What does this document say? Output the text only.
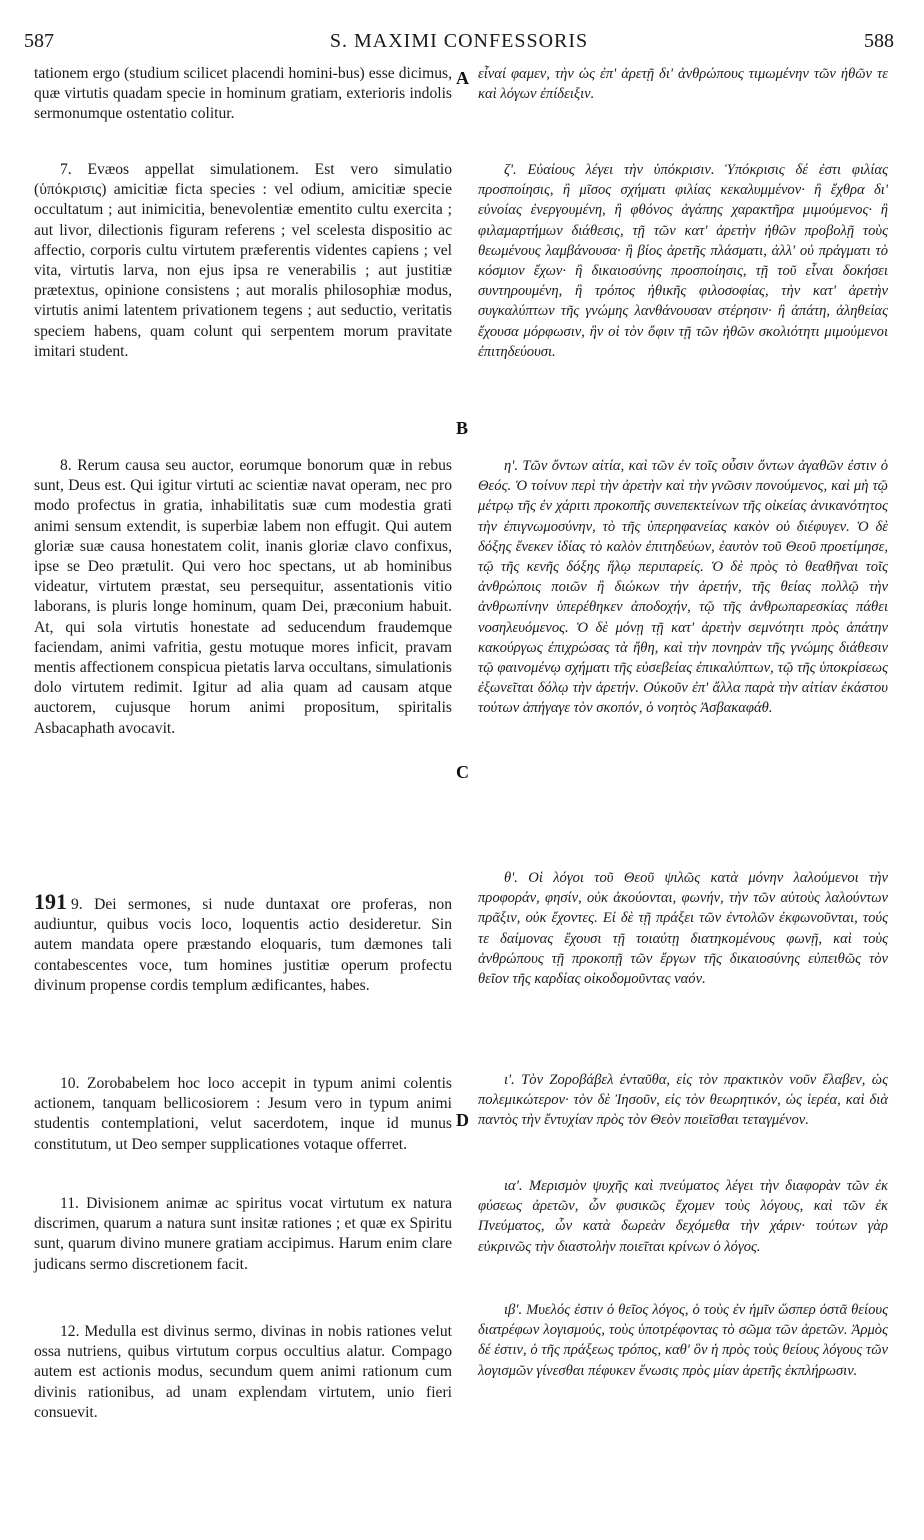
587	S. MAXIMI CONFESSORIS	588

tationem ergo (studium scilicet placendi homini-bus) esse dicimus, quæ virtutis quadam specie in hominum gratiam, exterioris indolis sermonumque ostentatio colitur.

7. Evæos appellat simulationem. Est vero simulatio (ὑπόκρισις) amicitiæ ficta species : vel odium, amicitiæ specie occultatum ; aut inimicitia, benevolentiæ ementito cultu exercita ; aut livor, dilectionis figuram referens ; vel scelesta dispositio ac affectio, corporis cultu virtutem præferentis videntes capiens ; vel vita, virtutis larva, non ejus ipsa re venerabilis ; aut justitiæ prætextus, opinione consistens ; aut moralis philosophiæ modus, virtutis animi latentem privationem tegens ; aut seductio, veritatis speciem habens, quam colunt qui serpentem morum pravitate imitari student.

8. Rerum causa seu auctor, eorumque bonorum quæ in rebus sunt, Deus est. Qui igitur virtuti ac scientiæ navat operam, nec pro modo profectus in gratia, inhabilitatis suæ cum modestia grati animi sensum extendit, is superbiæ labem non effugit. Qui autem gloriæ suæ causa honestatem colit, inanis gloriæ clavo confixus, ipse se Deo prætulit. Qui vero hoc spectans, ut ab hominibus videatur, virtutem præstat, seu persequitur, assentationis vitio laborans, is pluris longe hominum, quam Dei, præconium habuit. At, qui sola virtutis honestate ad seducendum fraudemque faciendam, animi vafritia, gestu motuque mores inficit, pravam mentis affectionem conspicua pietatis larva occultans, simulationis dolo virtutem redimit. Igitur ad alia quam ad causam atque auctorem, cujusque horum animi propositum, spiritalis Asbacaphath avocavit.

191 9. Dei sermones, si nude duntaxat ore proferas, non audiuntur, quibus vocis loco, loquentis actio desideretur. Sin autem mandata opere præstando eloquaris, tum dæmones tali contabescentes voce, tum homines justitiæ operum profectu divinum propense cordis templum ædificantes, habes.

10. Zorobabelem hoc loco accepit in typum animi colentis actionem, tanquam bellicosiorem : Jesum vero in typum animi studentis contemplationi, velut sacerdotem, inque id munus constitutum, ut Deo semper supplicationes votaque offerret.

11. Divisionem animæ ac spiritus vocat virtutum ex natura discrimen, quarum a natura sunt insitæ rationes ; et quæ ex Spiritu sunt, quarum divino munere gratiam accipimus. Harum enim clare judicans sermo discretionem facit.

12. Medulla est divinus sermo, divinas in nobis rationes velut ossa nutriens, quibus virtutum corpus occultius alatur. Compago autem est actionis modus, secundum quem animi rationum cum divinis rationibus, ad unam explendam virtutem, unio fieri consuevit.

εἶναί φαμεν, τὴν ὡς ἐπ' ἀρετῇ δι' ἀνθρώπους τιμωμένην τῶν ἠθῶν τε καὶ λόγων ἐπίδειξιν.

ζ'. Εὐαίους λέγει τὴν ὑπόκρισιν. Ὑπόκρισις δέ ἐστι φιλίας προσποίησις, ἢ μῖσος σχήματι φιλίας κεκαλυμμένον· ἢ ἔχθρα δι' εὐνοίας ἐνεργουμένη, ἢ φθόνος ἀγάπης χαρακτῆρα μιμούμενος· ἢ φιλαμαρτήμων διάθεσις, τῇ τῶν κατ' ἀρετὴν ἠθῶν προβολῇ τοὺς θεωμένους λαμβάνουσα· ἢ βίος ἀρετῆς πλάσματι, ἀλλ' οὐ πράγματι τὸ κόσμιον ἔχων· ἢ δικαιοσύνης προσποίησις, τῇ τοῦ εἶναι δοκήσει συντηρουμένη, ἢ τρόπος ἠθικῆς φιλοσοφίας, τὴν κατ' ἀρετὴν συγκαλύπτων τῆς γνώμης λανθάνουσαν στέρησιν· ἢ ἀπάτη, ἀληθείας ἔχουσα μόρφωσιν, ἣν οἱ τὸν ὄφιν τῇ τῶν ἠθῶν σκολιότητι μιμούμενοι ἐπιτηδεύουσι.

η'. Τῶν ὄντων αἰτία, καὶ τῶν ἐν τοῖς οὖσιν ὄντων ἀγαθῶν ἐστιν ὁ Θεός. Ὁ τοίνυν περὶ τὴν ἀρετὴν καὶ τὴν γνῶσιν πονούμενος, καὶ μὴ τῷ μέτρῳ τῆς ἐν χάριτι προκοπῆς συνεπεκτείνων τῆς οἰκείας ἀνικανότητος τὴν ἐπιγνωμοσύνην, τὸ τῆς ὑπερηφανείας κακὸν οὐ διέφυγεν. Ὁ δὲ δόξης ἕνεκεν ἰδίας τὸ καλὸν ἐπιτηδεύων, ἑαυτὸν τοῦ Θεοῦ προετίμησε, τῷ τῆς κενῆς δόξης ἥλῳ περιπαρείς. Ὁ δὲ πρὸς τὸ θεαθῆναι τοῖς ἀνθρώποις ποιῶν ἢ διώκων τὴν ἀρετήν, τῆς θείας πολλῷ τὴν ἀνθρωπίνην ὑπερέθηκεν ἀποδοχήν, τῷ τῆς ἀνθρωπαρεσκίας πάθει νοσηλευόμενος. Ὁ δὲ μόνῃ τῇ κατ' ἀρετὴν σεμνότητι πρὸς ἀπάτην κακούργως ἐπιχρώσας τὰ ἤθη, καὶ τὴν πονηρὰν τῆς γνώμης διάθεσιν τῷ φαινομένῳ σχήματι τῆς εὐσεβείας ἐπικαλύπτων, τῷ τῆς ὑποκρίσεως ἐξωνεῖται δόλῳ τὴν ἀρετήν. Οὐκοῦν ἐπ' ἄλλα παρὰ τὴν αἰτίαν ἑκάστου τούτων ἀπήγαγε τὸν σκοπόν, ὁ νοητὸς Ἀσβακαφάθ.

θ'. Οἱ λόγοι τοῦ Θεοῦ ψιλῶς κατὰ μόνην λαλούμενοι τὴν προφοράν, φησίν, οὐκ ἀκούονται, φωνήν, τὴν τῶν αὐτοὺς λαλούντων πρᾶξιν, οὐκ ἔχοντες. Εἰ δὲ τῇ πράξει τῶν ἐντολῶν ἐκφωνοῦνται, τούς τε δαίμονας ἔχουσι τῇ τοιαύτῃ διατηκομένους φωνῇ, καὶ τοὺς ἀνθρώπους τῇ προκοπῇ τῶν ἔργων τῆς δικαιοσύνης εὐπειθῶς τὸν θεῖον τῆς καρδίας οἰκοδομοῦντας ναόν.

ι'. Τὸν Ζοροβάβελ ἐνταῦθα, εἰς τὸν πρακτικὸν νοῦν ἔλαβεν, ὡς πολεμικώτερον· τὸν δὲ Ἰησοῦν, εἰς τὸν θεωρητικόν, ὡς ἱερέα, καὶ διὰ παντὸς τὴν ἔντυχίαν πρὸς τὸν Θεὸν ποιεῖσθαι τεταγμένον.

ια'. Μερισμὸν ψυχῆς καὶ πνεύματος λέγει τὴν διαφορὰν τῶν ἐκ φύσεως ἀρετῶν, ὧν φυσικῶς ἔχομεν τοὺς λόγους, καὶ τῶν ἐκ Πνεύματος, ὧν κατὰ δωρεὰν δεχόμεθα τὴν χάριν· τούτων γὰρ εὐκρινῶς τὴν διαστολὴν ποιεῖται κρίνων ὁ λόγος.

ιβ'. Μυελός ἐστιν ὁ θεῖος λόγος, ὁ τοὺς ἐν ἡμῖν ὥσπερ ὀστᾶ θείους διατρέφων λογισμούς, τοὺς ὑποτρέφοντας τὸ σῶμα τῶν ἀρετῶν. Ἁρμὸς δέ ἐστιν, ὁ τῆς πράξεως τρόπος, καθ' ὃν ἡ πρὸς τοὺς θείους λόγους τῶν λογισμῶν γίνεσθαι πέφυκεν ἕνωσις πρὸς μίαν ἀρετῆς ἐκπλήρωσιν.

A
B
C
D
